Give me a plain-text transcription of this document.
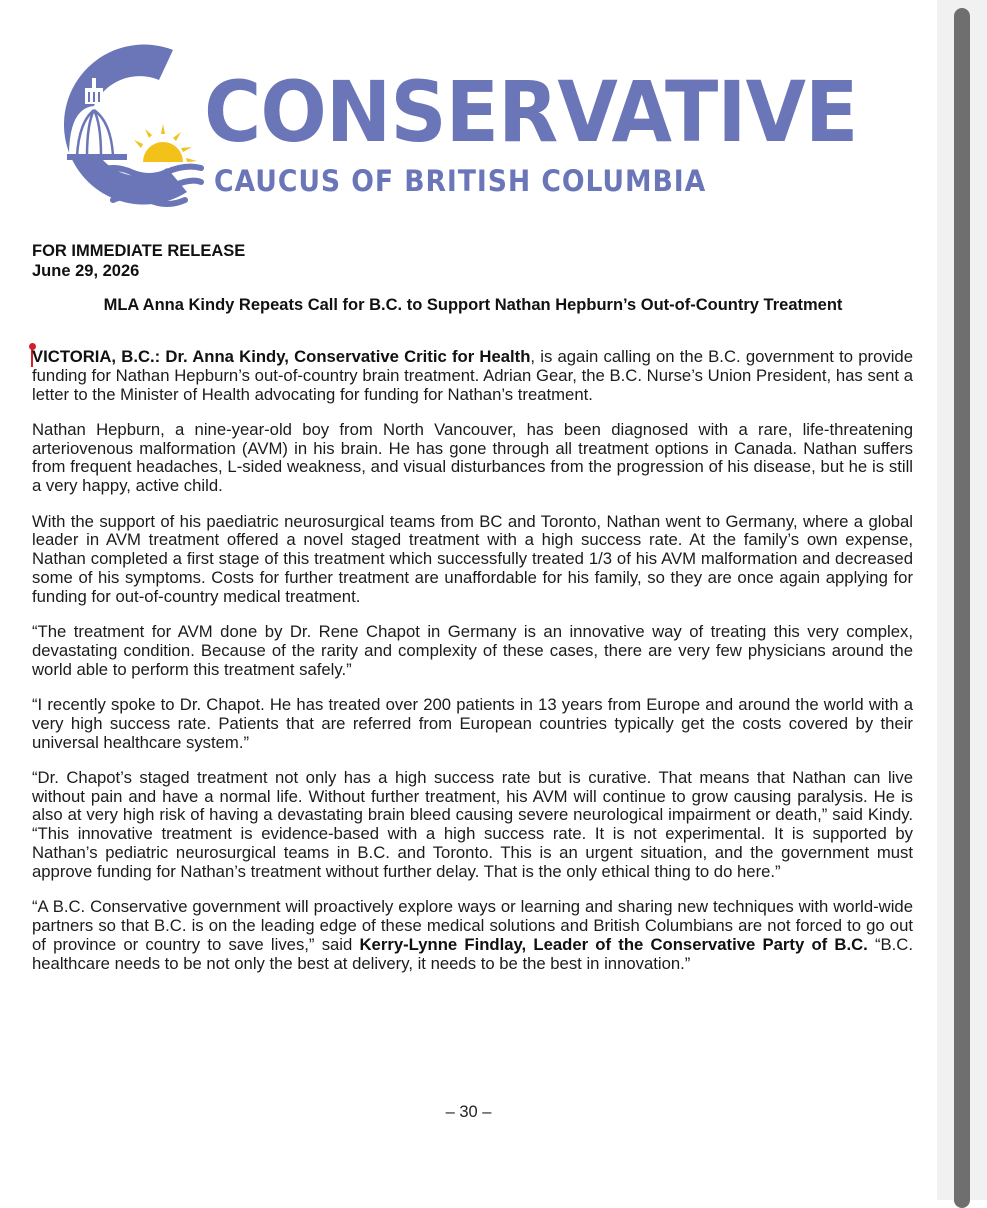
CONSERVATIVE
CAUCUS OF BRITISH COLUMBIA
FOR IMMEDIATE RELEASE
June 29, 2026
MLA Anna Kindy Repeats Call for B.C. to Support Nathan Hepburn’s Out-of-Country Treatment

VICTORIA, B.C.: Dr. Anna Kindy, Conservative Critic for Health, is again calling on the B.C. government to provide funding for Nathan Hepburn’s out-of-country brain treatment. Adrian Gear, the B.C. Nurse’s Union President, has sent a letter to the Minister of Health advocating for funding for Nathan’s treatment.

Nathan Hepburn, a nine-year-old boy from North Vancouver, has been diagnosed with a rare, life-threatening arteriovenous malformation (AVM) in his brain. He has gone through all treatment options in Canada. Nathan suffers from frequent headaches, L-sided weakness, and visual disturbances from the progression of his disease, but he is still a very happy, active child.

With the support of his paediatric neurosurgical teams from BC and Toronto, Nathan went to Germany, where a global leader in AVM treatment offered a novel staged treatment with a high success rate. At the family’s own expense, Nathan completed a first stage of this treatment which successfully treated 1/3 of his AVM malformation and decreased some of his symptoms. Costs for further treatment are unaffordable for his family, so they are once again applying for funding for out-of-country medical treatment.

“The treatment for AVM done by Dr. Rene Chapot in Germany is an innovative way of treating this very complex, devastating condition. Because of the rarity and complexity of these cases, there are very few physicians around the world able to perform this treatment safely.”

“I recently spoke to Dr. Chapot. He has treated over 200 patients in 13 years from Europe and around the world with a very high success rate. Patients that are referred from European countries typically get the costs covered by their universal healthcare system.”

“Dr. Chapot’s staged treatment not only has a high success rate but is curative. That means that Nathan can live without pain and have a normal life. Without further treatment, his AVM will continue to grow causing paralysis. He is also at very high risk of having a devastating brain bleed causing severe neurological impairment or death,” said Kindy. “This innovative treatment is evidence-based with a high success rate. It is not experimental. It is supported by Nathan’s pediatric neurosurgical teams in B.C. and Toronto. This is an urgent situation, and the government must approve funding for Nathan’s treatment without further delay. That is the only ethical thing to do here.”

“A B.C. Conservative government will proactively explore ways or learning and sharing new techniques with world-wide partners so that B.C. is on the leading edge of these medical solutions and British Columbians are not forced to go out of province or country to save lives,” said Kerry-Lynne Findlay, Leader of the Conservative Party of B.C. “B.C. healthcare needs to be not only the best at delivery, it needs to be the best in innovation.”

– 30 –
